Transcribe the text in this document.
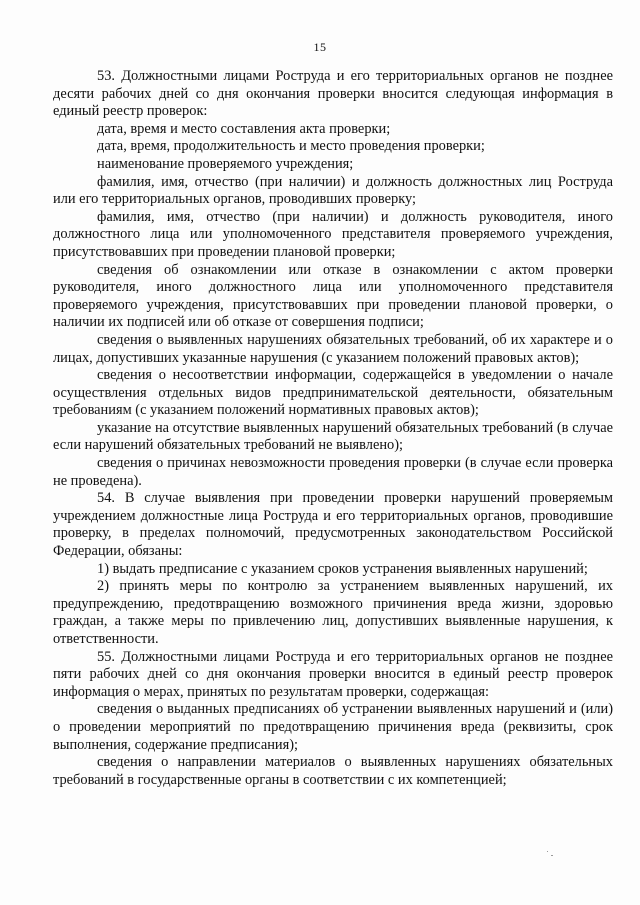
15

53. Должностными лицами Роструда и его территориальных органов не позднее десяти рабочих дней со дня окончания проверки вносится следующая информация в единый реестр проверок:

дата, время и место составления акта проверки;

дата, время, продолжительность и место проведения проверки;

наименование проверяемого учреждения;

фамилия, имя, отчество (при наличии) и должность должностных лиц Роструда или его территориальных органов, проводивших проверку;

фамилия, имя, отчество (при наличии) и должность руководителя, иного должностного лица или уполномоченного представителя проверяемого учреждения, присутствовавших при проведении плановой проверки;

сведения об ознакомлении или отказе в ознакомлении с актом проверки руководителя, иного должностного лица или уполномоченного представителя проверяемого учреждения, присутствовавших при проведении плановой проверки, о наличии их подписей или об отказе от совершения подписи;

сведения о выявленных нарушениях обязательных требований, об их характере и о лицах, допустивших указанные нарушения (с указанием положений правовых актов);

сведения о несоответствии информации, содержащейся в уведомлении о начале осуществления отдельных видов предпринимательской деятельности, обязательным требованиям (с указанием положений нормативных правовых актов);

указание на отсутствие выявленных нарушений обязательных требований (в случае если нарушений обязательных требований не выявлено);

сведения о причинах невозможности проведения проверки (в случае если проверка не проведена).

54. В случае выявления при проведении проверки нарушений проверяемым учреждением должностные лица Роструда и его территориальных органов, проводившие проверку, в пределах полномочий, предусмотренных законодательством Российской Федерации, обязаны:

1) выдать предписание с указанием сроков устранения выявленных нарушений;

2) принять меры по контролю за устранением выявленных нарушений, их предупреждению, предотвращению возможного причинения вреда жизни, здоровью граждан, а также меры по привлечению лиц, допустивших выявленные нарушения, к ответственности.

55. Должностными лицами Роструда и его территориальных органов не позднее пяти рабочих дней со дня окончания проверки вносится в единый реестр проверок информация о мерах, принятых по результатам проверки, содержащая:

сведения о выданных предписаниях об устранении выявленных нарушений и (или) о проведении мероприятий по предотвращению причинения вреда (реквизиты, срок выполнения, содержание предписания);

сведения о направлении материалов о выявленных нарушениях обязательных требований в государственные органы в соответствии с их компетенцией;
